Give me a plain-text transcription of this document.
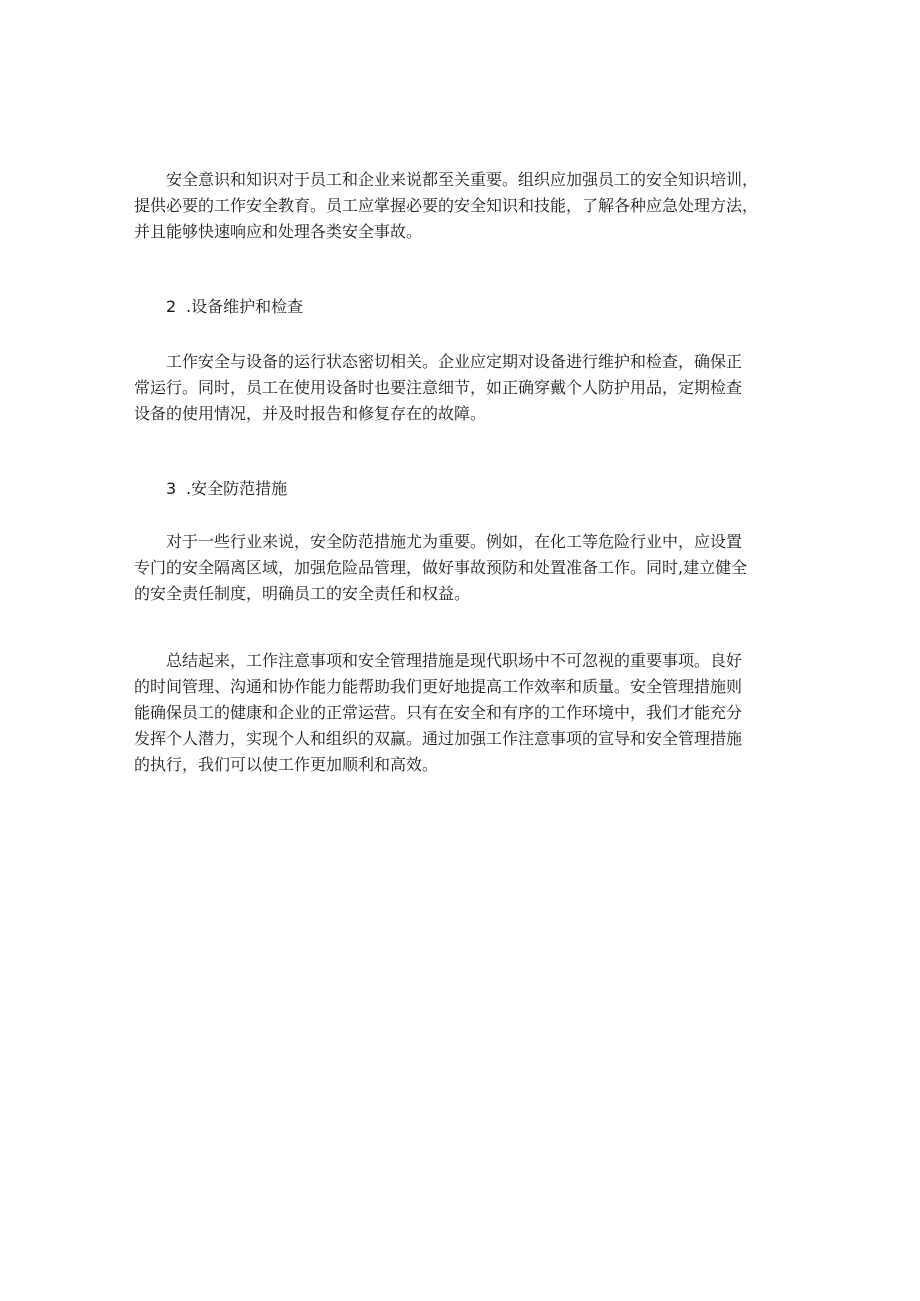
安全意识和知识对于员工和企业来说都至关重要。组织应加强员工的安全知识培训，
提供必要的工作安全教育。员工应掌握必要的安全知识和技能，了解各种应急处理方法，
并且能够快速响应和处理各类安全事故。

2 .设备维护和检查

工作安全与设备的运行状态密切相关。企业应定期对设备进行维护和检查，确保正
常运行。同时，员工在使用设备时也要注意细节，如正确穿戴个人防护用品，定期检查
设备的使用情况，并及时报告和修复存在的故障。

3 .安全防范措施

对于一些行业来说，安全防范措施尤为重要。例如，在化工等危险行业中，应设置
专门的安全隔离区域，加强危险品管理，做好事故预防和处置准备工作。同时,建立健全
的安全责任制度，明确员工的安全责任和权益。

总结起来，工作注意事项和安全管理措施是现代职场中不可忽视的重要事项。良好
的时间管理、沟通和协作能力能帮助我们更好地提高工作效率和质量。安全管理措施则
能确保员工的健康和企业的正常运营。只有在安全和有序的工作环境中，我们才能充分
发挥个人潜力，实现个人和组织的双赢。通过加强工作注意事项的宣导和安全管理措施
的执行，我们可以使工作更加顺利和高效。
